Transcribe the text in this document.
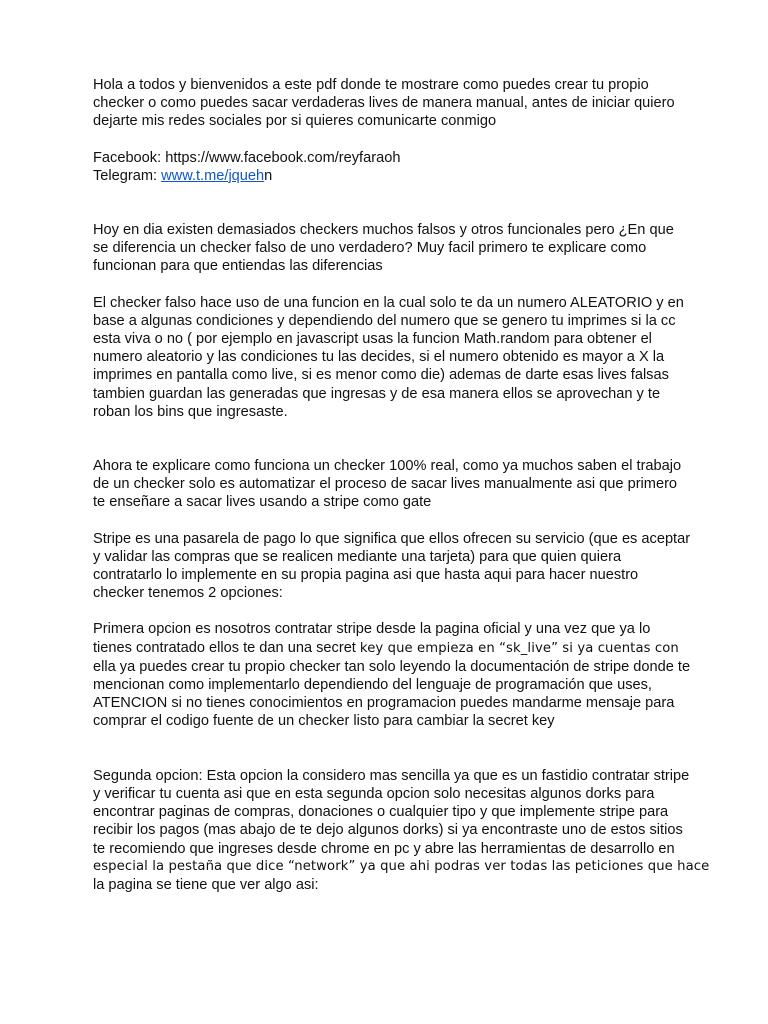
Hola a todos y bienvenidos a este pdf donde te mostrare como puedes crear tu propio
checker o como puedes sacar verdaderas lives de manera manual, antes de iniciar quiero
dejarte mis redes sociales por si quieres comunicarte conmigo
Facebook: https://www.facebook.com/reyfaraoh
Telegram: www.t.me/jquehn
Hoy en dia existen demasiados checkers muchos falsos y otros funcionales pero ¿En que
se diferencia un checker falso de uno verdadero? Muy facil primero te explicare como
funcionan para que entiendas las diferencias
El checker falso hace uso de una funcion en la cual solo te da un numero ALEATORIO y en
base a algunas condiciones y dependiendo del numero que se genero tu imprimes si la cc
esta viva o no ( por ejemplo en javascript usas la funcion Math.random para obtener el
numero aleatorio y las condiciones tu las decides, si el numero obtenido es mayor a X la
imprimes en pantalla como live, si es menor como die) ademas de darte esas lives falsas
tambien guardan las generadas que ingresas y de esa manera ellos se aprovechan y te
roban los bins que ingresaste.
Ahora te explicare como funciona un checker 100% real, como ya muchos saben el trabajo
de un checker solo es automatizar el proceso de sacar lives manualmente asi que primero
te enseñare a sacar lives usando a stripe como gate
Stripe es una pasarela de pago lo que significa que ellos ofrecen su servicio (que es aceptar
y validar las compras que se realicen mediante una tarjeta) para que quien quiera
contratarlo lo implemente en su propia pagina asi que hasta aqui para hacer nuestro
checker tenemos 2 opciones:
Primera opcion es nosotros contratar stripe desde la pagina oficial y una vez que ya lo
tienes contratado ellos te dan una secret key que empieza en “sk_live” si ya cuentas con
ella ya puedes crear tu propio checker tan solo leyendo la documentación de stripe donde te
mencionan como implementarlo dependiendo del lenguaje de programación que uses,
ATENCION si no tienes conocimientos en programacion puedes mandarme mensaje para
comprar el codigo fuente de un checker listo para cambiar la secret key
Segunda opcion: Esta opcion la considero mas sencilla ya que es un fastidio contratar stripe
y verificar tu cuenta asi que en esta segunda opcion solo necesitas algunos dorks para
encontrar paginas de compras, donaciones o cualquier tipo y que implemente stripe para
recibir los pagos (mas abajo de te dejo algunos dorks) si ya encontraste uno de estos sitios
te recomiendo que ingreses desde chrome en pc y abre las herramientas de desarrollo en
especial la pestaña que dice “network” ya que ahi podras ver todas las peticiones que hace
la pagina se tiene que ver algo asi:
